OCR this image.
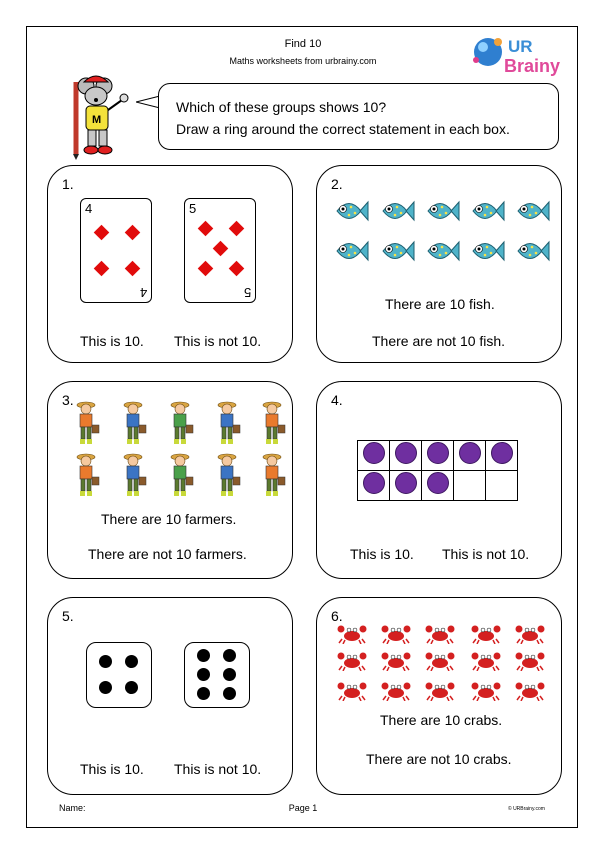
Find 10
Maths worksheets from urbrainy.com
UR
Brainy
M
Which of these groups shows 10?
Draw a ring around the correct statement in each box.
1.
4
4
5
5
This is 10. This is not 10.
2.
There are 10 fish.
There are not 10 fish.
3.
There are 10 farmers.
There are not 10 farmers.
4.
This is 10. This is not 10.

5.
This is 10. This is not 10.
6.
There are 10 crabs.
There are not 10 crabs.
Name:	Page 1	© URBrainy.com
